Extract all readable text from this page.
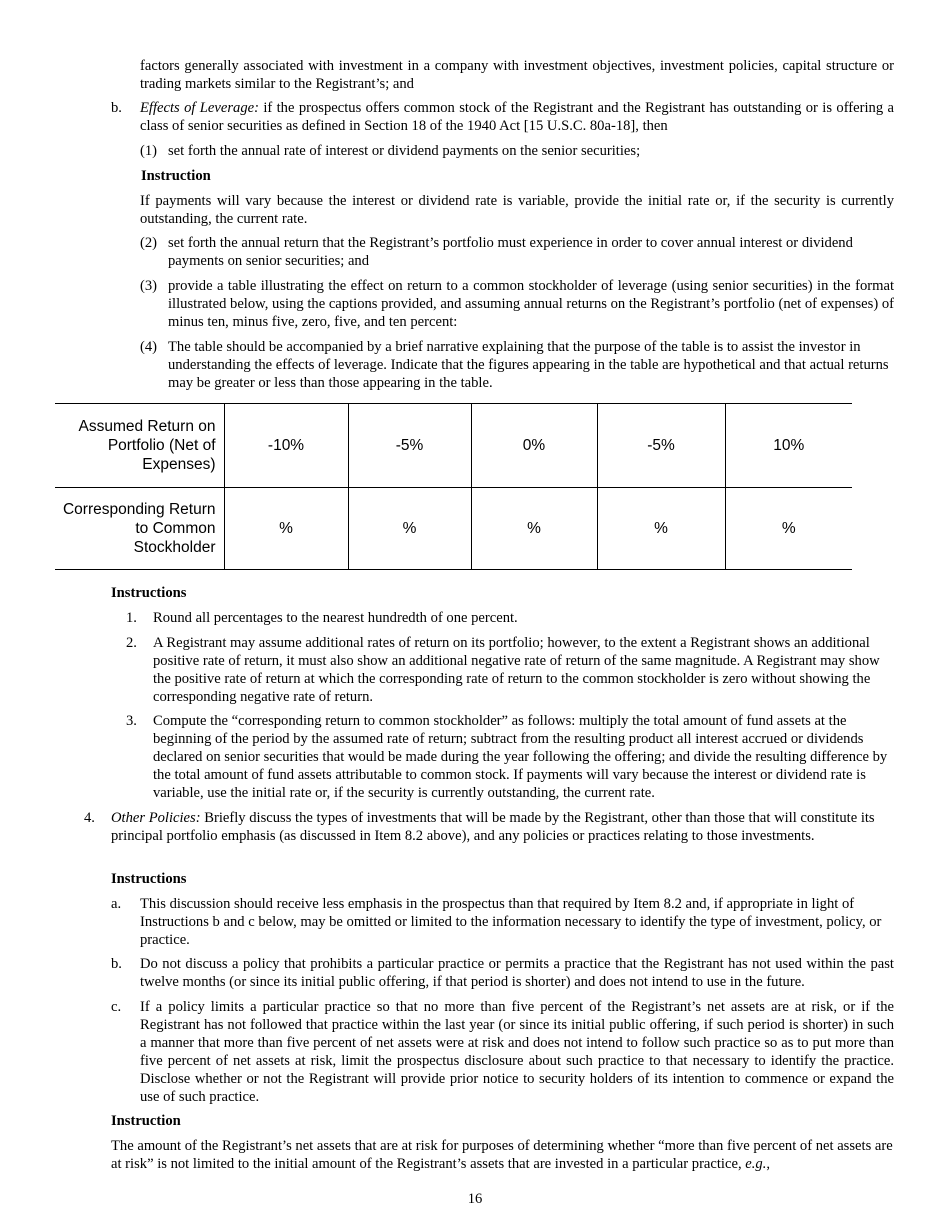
factors generally associated with investment in a company with investment objectives, investment policies, capital structure or trading markets similar to the Registrant’s; and
b. Effects of Leverage: if the prospectus offers common stock of the Registrant and the Registrant has outstanding or is offering a class of senior securities as defined in Section 18 of the 1940 Act [15 U.S.C. 80a-18], then
(1) set forth the annual rate of interest or dividend payments on the senior securities;
Instruction
If payments will vary because the interest or dividend rate is variable, provide the initial rate or, if the security is currently outstanding, the current rate.
(2) set forth the annual return that the Registrant’s portfolio must experience in order to cover annual interest or dividend payments on senior securities; and
(3) provide a table illustrating the effect on return to a common stockholder of leverage (using senior securities) in the format illustrated below, using the captions provided, and assuming annual returns on the Registrant’s portfolio (net of expenses) of minus ten, minus five, zero, five, and ten percent:
(4) The table should be accompanied by a brief narrative explaining that the purpose of the table is to assist the investor in understanding the effects of leverage. Indicate that the figures appearing in the table are hypothetical and that actual returns may be greater or less than those appearing in the table.
Assumed Return on Portfolio (Net of Expenses)	-10%	-5%	0%	-5%	10%
Corresponding Return to Common Stockholder	%	%	%	%	%
Instructions
1. Round all percentages to the nearest hundredth of one percent.
2. A Registrant may assume additional rates of return on its portfolio; however, to the extent a Registrant shows an additional positive rate of return, it must also show an additional negative rate of return of the same magnitude. A Registrant may show the positive rate of return at which the corresponding rate of return to the common stockholder is zero without showing the corresponding negative rate of return.
3. Compute the “corresponding return to common stockholder” as follows: multiply the total amount of fund assets at the beginning of the period by the assumed rate of return; subtract from the resulting product all interest accrued or dividends declared on senior securities that would be made during the year following the offering; and divide the resulting difference by the total amount of fund assets attributable to common stock. If payments will vary because the interest or dividend rate is variable, use the initial rate or, if the security is currently outstanding, the current rate.
4. Other Policies: Briefly discuss the types of investments that will be made by the Registrant, other than those that will constitute its principal portfolio emphasis (as discussed in Item 8.2 above), and any policies or practices relating to those investments.
Instructions
a. This discussion should receive less emphasis in the prospectus than that required by Item 8.2 and, if appropriate in light of Instructions b and c below, may be omitted or limited to the information necessary to identify the type of investment, policy, or practice.
b. Do not discuss a policy that prohibits a particular practice or permits a practice that the Registrant has not used within the past twelve months (or since its initial public offering, if that period is shorter) and does not intend to use in the future.
c. If a policy limits a particular practice so that no more than five percent of the Registrant’s net assets are at risk, or if the Registrant has not followed that practice within the last year (or since its initial public offering, if such period is shorter) in such a manner that more than five percent of net assets were at risk and does not intend to follow such practice so as to put more than five percent of net assets at risk, limit the prospectus disclosure about such practice to that necessary to identify the practice. Disclose whether or not the Registrant will provide prior notice to security holders of its intention to commence or expand the use of such practice.
Instruction
The amount of the Registrant’s net assets that are at risk for purposes of determining whether “more than five percent of net assets are at risk” is not limited to the initial amount of the Registrant’s assets that are invested in a particular practice, e.g.,
16
